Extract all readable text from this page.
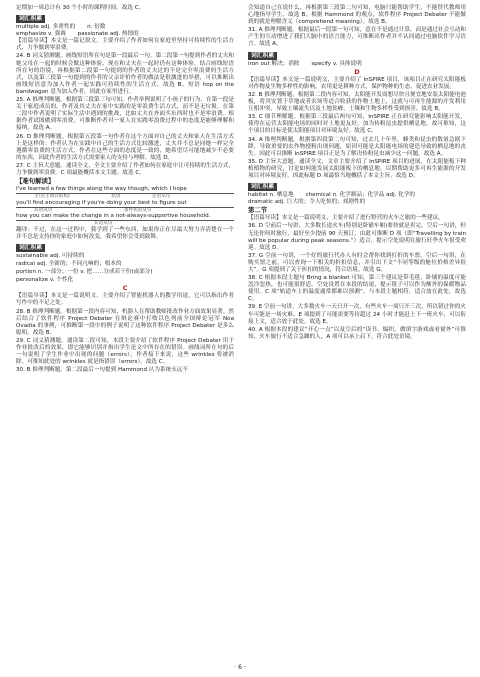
定期加一周总计有 30 个小时的课程时间。故选 C。

词汇积累
multiple adj. 多重性的 n. 倍数
emphasize v. 强调 passionate adj. 热情的

【语篇导读】本文是一篇记叙文。主要介绍了作者如何在家庭里坚持可持续性的生活方式，力争做到零浪费。

24. B 词义猜测题。画线短语所在句是第一段最后一句。第二段第一句提到作者的丈夫和她父母在一起的时候会做这种体验，现在和丈夫在一起时仍有这种体验，结合画线短语所在句的语境，再根据第二段第一句提到的作者的丈夫过的不是完全零浪费的生活方式，以及第三段第一句提到的作者的父亲评价作者的做法是很激进的举措，可以推断出画线短语意为加入作者一起实践可持续性的生活方式。故选 B。短语 hop on the bandwagon 意为加入作者，因此在家里进行。

25. A 推理判断题。根据第三段第三句可知，作者举例说明了小孩子的行为，在第一段是关于家庭成员的，作者及其丈夫在家中实践的是零浪费生活方式，而不是无垃圾。在第二段中作者说明了实际生活中遇到的挑战，比如丈夫在外面买东西时也不是零浪费。根据作者试图做到零浪费，可推断作者对一家人在实践零浪费过程中的态度是能够理解和接纳。故选 A。

26. D 推理判断题。根据第五段第一句作者在这个方面对自己的丈夫和家人在生活方式上是这样的：作者认为在实践中自己的生活方式比较激进，丈夫并不总是同她一样完全遵循零浪费的生活方式，作者在这些方面的态度是一致的，她希望尽可能地减少不必要的东西，因此作者的生活方式需要家人的支持与理解。故选 D。

27. C 主旨大意题。通读全文，全文主要介绍了作者如何在家庭中让可持续的生活方式，力争做到零浪费。C 项最能概括本文主题。故选 C。

【难句解读】

I've learned a few things along the way though, which I hope

主句(主谓宾结构)	状语	定语从句

you'll find encouraging if you're doing your best to figure out

宾语从句	条件状语从句

how you can make the change in a not-always-supportive household.

宾语从句

翻译：不过，在这一过程中，我学到了一些东西，如果你正在尽最大努力弄清楚在一个并不总是支持你的家庭中如何改变，我希望你会受到鼓舞。

词汇积累

sustainable adj. 可持续的

radical adj. 全新的；不同凡响的；根本的

portion n. 一部分；一份 v. 把……分成若干份(或部分)

personalize v. 个性化

C

【语篇导读】本文是一篇说明文，主要介绍了智能机器人的教学用途，它可以指出作者写作中的不足之处。

28. B 推理判断题。根据第一段内容可知，机器人在帮助教师批改作业方面效果显著。然后结合了软件程序 Project Debater 在辩论赛中打败以色列前全国辩论冠军 Noa Ovadia 的事例，可推断第一段中的例子说明了这种软件程序 Project Debater 是多么聪明。故选 B。

29. C 词义猜测题。通读第二段可知，本段主要介绍了软件程序 Project Debater 用于作业批改后的效果，即它能够识别并指出学生论文中所存在的错误。画线词所在句的后一句说明了学生作业中出现的问题（errors），作者接下来说，这些 wrinkles 将被消除。可推知此处的 wrinkles 就是指错误（errors）。故选 C。

30. B 推理判断题。第二段最后一句提到 Hammond 认为系统永远不

会知道自己在说什么，再根据第三段第二句可知，电脑只能帮助学生，不能替代教师用心地指导学生。故选 B。根据 Hammond 的观点，软件程序 Project Debater 不能做到的就是理解含义（comprehend meaning）。故选 B。

31. A 推理判断题。根据最后一段第一句可知，意在不是通过计算，而是通过社会互动和产生的互动增进了我们大脑中的语言能力，可推断出作者并不认同通过电脑软件学习语言。故选 A。

词汇积累
iron out 解决；消除 specify v. 具体说明
D

【语篇导读】本文是一篇说明文，主要介绍了 InSPIRE 项目，该项目正在研究太阳能板对作物及生物多样性的影响，农用更是耕种方式，保护物种的生态，促进农业发展。

32. B 推理判断题。根据第二段内容可知，太阳能开发商想尽快且便宜地安装太阳能电池板，将其安置于草地或者农场等适合收获的作物土地上，这就与可再生能源的开发利用互相冲突，导致土壤流失以及土地贫瘠，土壤和生物多样性受到损害。故选 B。

33. C 细节理解题。根据第三段最后两句可知，InSPIRE 正在研究能影响太阳能开发，使得在运营太阳能电场的同时对土地更友好，加为传粉昆虫提供栖息地。故可推知，这个项目的目标是使太阳能项目对环境友好。故选 C。

34. A 推理判断题。根据第四段第二句可知，过去几十年里，蜂类和昆虫的数量急剧下降，导致重要的农作物授粉出现问题，原因可能是太阳能电场的建造导致的栖息地的丧失。因此可以推断 InSPIRE 项目正是为了解决传粉昆虫减少这一问题。故选 A。

35. D 主旨大意题。通读全文，文章主要介绍了 InSPIRE 项目的进展，在太阳能板下种植植物的研究，讨论如何能发展太阳能板下的栖息地，以期帮助更多可再生能源的开发项目对环境友好，因此标题 D 项最恰当地概括了本文主旨。故选 D。

词汇积累
habitat n. 栖息地 chemical n. 化学制品；化学品 adj. 化学的

dramatic adj. 巨大的；令人吃惊的；戏剧性的

第二节

【语篇导读】本文是一篇说明文，主要介绍了进行野营的火车之旅的一些建议。

36. D 空前后一句讲，大多数长途火车(特别是卧铺车厢)要快就是卖完，空后一句讲，但无论你何时旅行，最好至少提前 90 天预订，由此可推断 D 项（即“Travelling by train will be popular during peak seasons.”）适合，提示空处说明在旅行旺季火车很受欢迎。故选 D。

37. G 空前一句讲，一个好的旅行代办人有时会帮你找到打折的车票，空后一句讲，在购买票之前，可以查询一下相关的折扣信息，并引出下文“不同等级的舱位价格差异很大”。G 项提到了关于折扣的情况，符合语境。故选 G。

38. C 根据本段主题句 Bring a blanket 可知，第三个建议是带毛毯，卧铺的温度可能忽冷忽热，也可能很舒适。空处设置在本段的结尾，提示毯子可以作为额外的保暖物品使用。C 项“轨道车上的温度通常都难以预测”，与本段主题相符，适合放在此处。故选 C。

39. E 空前一句讲，大多数火车一天只开一次，有些火车一周只开三次，所以错过你的火车可能是一场灾难。E 项提到了可能需要等待超过 24 小时才能赶上下一班火车，可以衔接上文，适合放于此处。故选 E。

40. A 根据本段的建议“开心一点”以及空后的“读书、编织、做填字游戏或看窗外”可推知，火车旅行不适合急躁的人，A 项可以承上启下，符合此处语境。

· 6 ·
